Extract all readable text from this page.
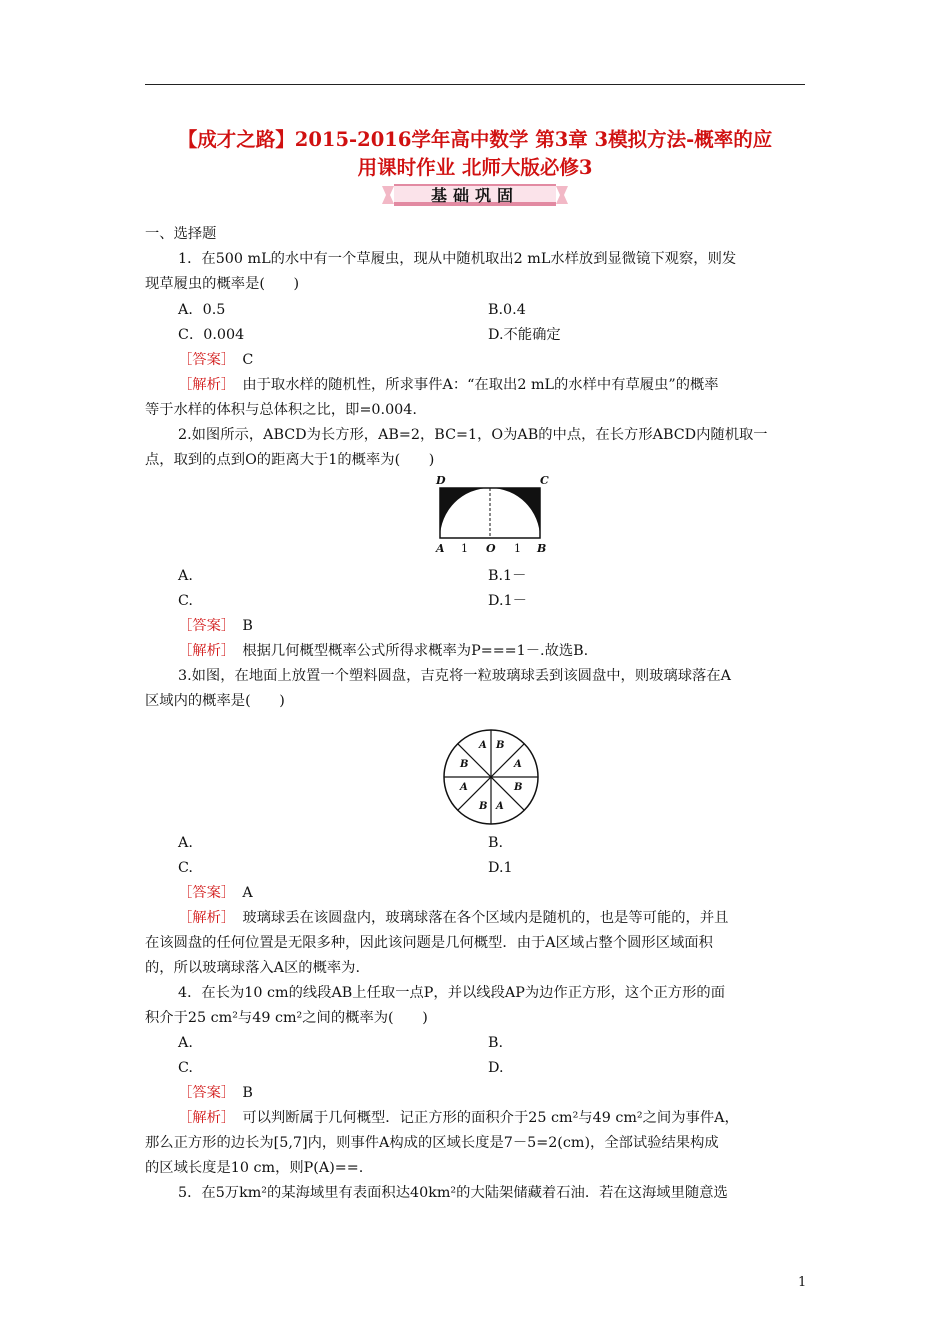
【成才之路】2015-2016学年高中数学 第3章 3模拟方法-概率的应
用课时作业 北师大版必修3
基础巩固
一、选择题
1．在500 mL的水中有一个草履虫，现从中随机取出2 mL水样放到显微镜下观察，则发
现草履虫的概率是(　　)
A．0.5	B.0.4
C．0.004	D.不能确定
［答案］　 C
［解析］　 由于取水样的随机性，所求事件A：“在取出2 mL的水样中有草履虫”的概率
等于水样的体积与总体积之比，即=0.004.
2.如图所示，ABCD为长方形，AB=2，BC=1，O为AB的中点，在长方形ABCD内随机取一
点，取到的点到O的距离大于1的概率为(　　)
D	C
A 1 O 1 B
A.	B.1－
C.	D.1－
［答案］　 B
［解析］　 根据几何概型概率公式所得求概率为P===1－.故选B.
3.如图，在地面上放置一个塑料圆盘，吉克将一粒玻璃球丢到该圆盘中，则玻璃球落在A
区域内的概率是(　　)
A B
A
B
A
B
A
B
A.	B.
C.	D.1
［答案］　 A
［解析］　 玻璃球丢在该圆盘内，玻璃球落在各个区域内是随机的，也是等可能的，并且
在该圆盘的任何位置是无限多种，因此该问题是几何概型．由于A区域占整个圆形区域面积
的，所以玻璃球落入A区的概率为.
4．在长为10 cm的线段AB上任取一点P，并以线段AP为边作正方形，这个正方形的面
积介于25 cm²与49 cm²之间的概率为(　　)
A.	B.
C.	D.
［答案］　 B
［解析］　 可以判断属于几何概型．记正方形的面积介于25 cm²与49 cm²之间为事件A，
那么正方形的边长为[5,7]内，则事件A构成的区域长度是7－5=2(cm)，全部试验结果构成
的区域长度是10 cm，则P(A)==.
5．在5万km²的某海域里有表面积达40km²的大陆架储藏着石油．若在这海域里随意选
1
